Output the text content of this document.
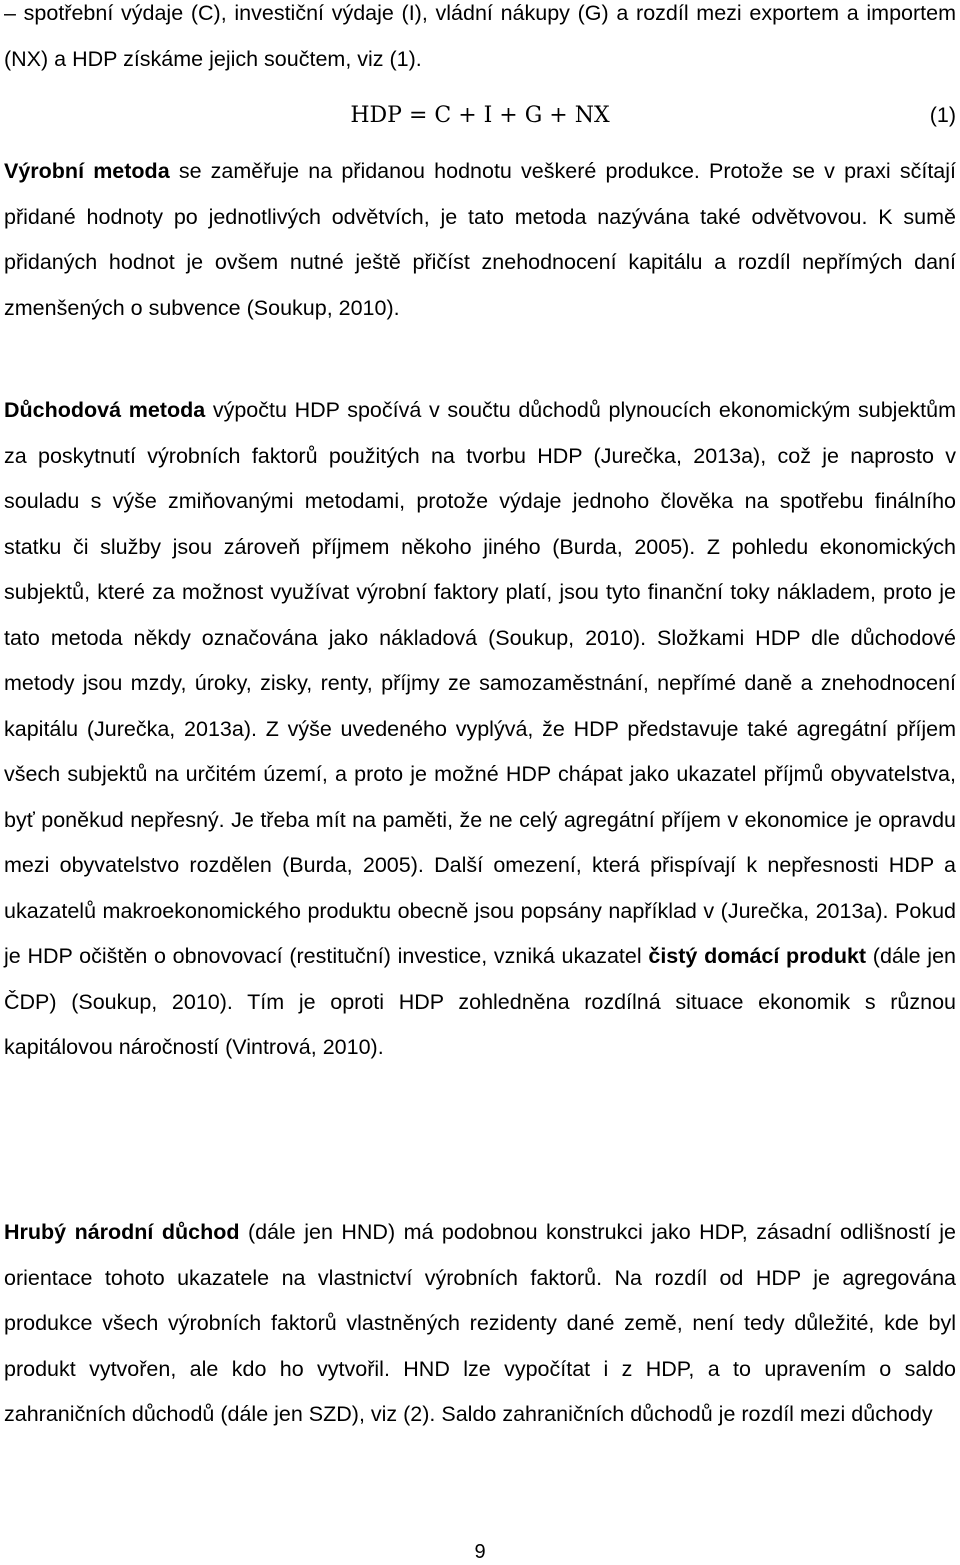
– spotřební výdaje (C), investiční výdaje (I), vládní nákupy (G) a rozdíl mezi exportem a importem (NX) a HDP získáme jejich součtem, viz (1).

HDP = C + I + G + NX	(1)

Výrobní metoda se zaměřuje na přidanou hodnotu veškeré produkce. Protože se v praxi sčítají přidané hodnoty po jednotlivých odvětvích, je tato metoda nazývána také odvětvovou. K sumě přidaných hodnot je ovšem nutné ještě přičíst znehodnocení kapitálu a rozdíl nepřímých daní zmenšených o subvence (Soukup, 2010).

Důchodová metoda výpočtu HDP spočívá v součtu důchodů plynoucích ekonomickým subjektům za poskytnutí výrobních faktorů použitých na tvorbu HDP (Jurečka, 2013a), což je naprosto v souladu s výše zmiňovanými metodami, protože výdaje jednoho člověka na spotřebu finálního statku či služby jsou zároveň příjmem někoho jiného (Burda, 2005). Z pohledu ekonomických subjektů, které za možnost využívat výrobní faktory platí, jsou tyto finanční toky nákladem, proto je tato metoda někdy označována jako nákladová (Soukup, 2010). Složkami HDP dle důchodové metody jsou mzdy, úroky, zisky, renty, příjmy ze samozaměstnání, nepřímé daně a znehodnocení kapitálu (Jurečka, 2013a). Z výše uvedeného vyplývá, že HDP představuje také agregátní příjem všech subjektů na určitém území, a proto je možné HDP chápat jako ukazatel příjmů obyvatelstva, byť poněkud nepřesný. Je třeba mít na paměti, že ne celý agregátní příjem v ekonomice je opravdu mezi obyvatelstvo rozdělen (Burda, 2005). Další omezení, která přispívají k nepřesnosti HDP a ukazatelů makroekonomického produktu obecně jsou popsány například v (Jurečka, 2013a). Pokud je HDP očištěn o obnovovací (restituční) investice, vzniká ukazatel čistý domácí produkt (dále jen ČDP) (Soukup, 2010). Tím je oproti HDP zohledněna rozdílná situace ekonomik s různou kapitálovou náročností (Vintrová, 2010).

Hrubý národní důchod (dále jen HND) má podobnou konstrukci jako HDP, zásadní odlišností je orientace tohoto ukazatele na vlastnictví výrobních faktorů. Na rozdíl od HDP je agregována produkce všech výrobních faktorů vlastněných rezidenty dané země, není tedy důležité, kde byl produkt vytvořen, ale kdo ho vytvořil. HND lze vypočítat i z HDP, a to upravením o saldo zahraničních důchodů (dále jen SZD), viz (2). Saldo zahraničních důchodů je rozdíl mezi důchody

9
